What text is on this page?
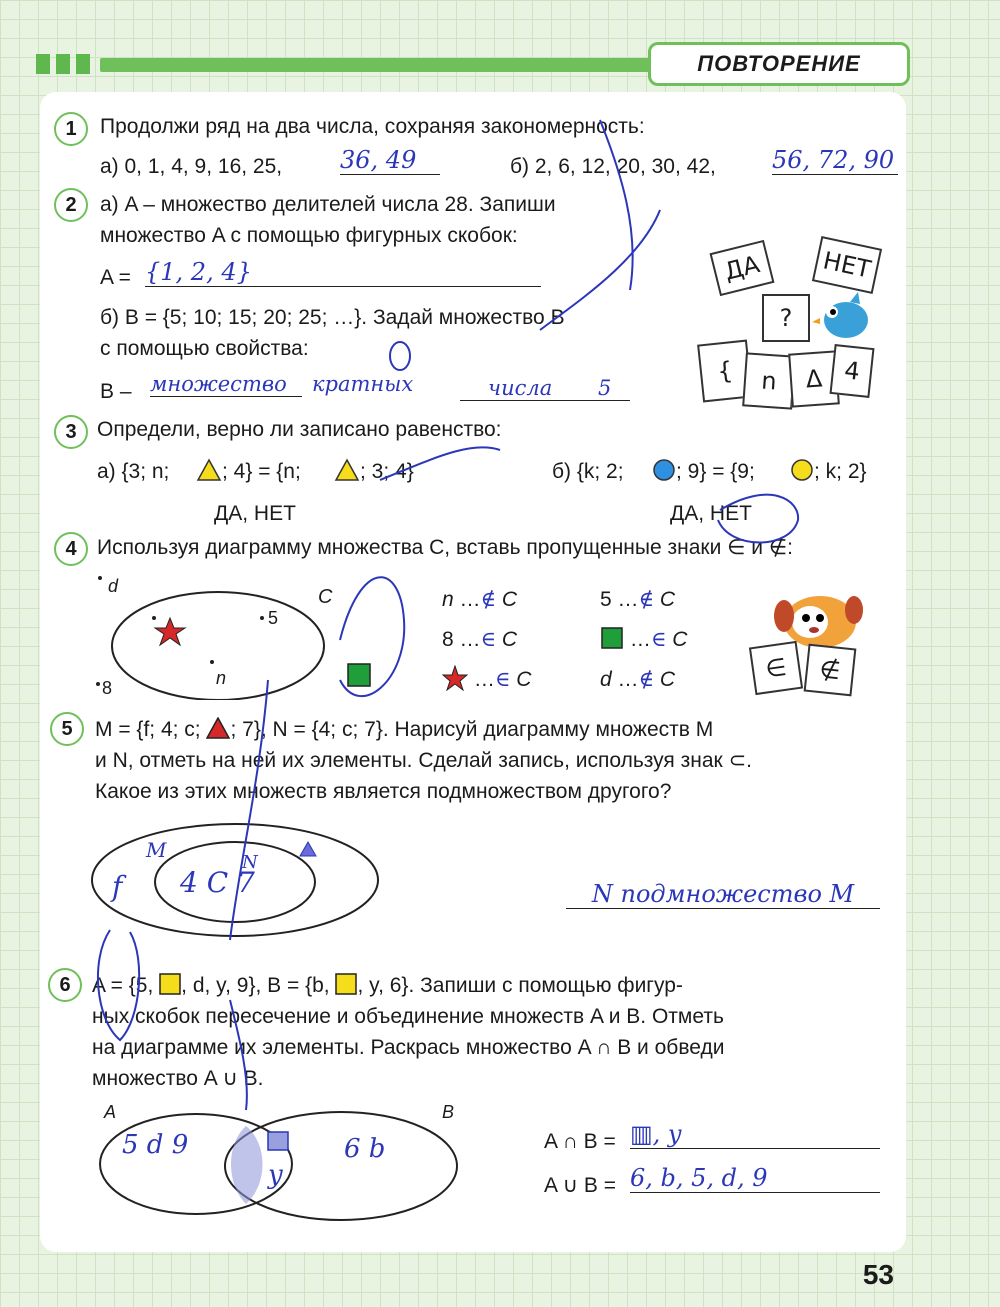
ПОВТОРЕНИЕ
1	Продолжи ряд на два числа, сохраняя закономерность:
а) 0, 1, 4, 9, 16, 25, 36, 49	б) 2, 6, 12, 20, 30, 42, 56, 72, 90
2	а) A – множество делителей числа 28. Запиши
множество A с помощью фигурных скобок:
A = {1, 2, 4}
б) B = {5; 10; 15; 20; 25; …}. Задай множество B
с помощью свойства:
B – множество	кратных	числа	5
ДА	НЕТ
?
{	n	Δ 4
3 Определи, верно ли записано равенство:
а) {3; n;	; 4} = {n;	; 3; 4}	б) {k; 2; ; 9} = {9;	; k; 2}
ДА, НЕТ	ДА, НЕТ
4 Используя диаграмму множества C, вставь пропущенные знаки ∈ и ∉:
d
5
8	n
C	n …∉ C	5 …∉ C
8 …∈ C	…∈ C
…∈ C	d …∉ C	∈	∉
5	M = {f; 4; c; ; 7}, N = {4; c; 7}. Нарисуй диаграмму множеств M
и N, отметь на ней их элементы. Сделай запись, используя знак ⊂.
Какое из этих множеств является подмножеством другого?
M
N
f 4 C 7	N подмножество M
6	A = {5, , d, y, 9}, B = {b, , y, 6}. Запиши с помощью фигур-
ных скобок пересечение и объединение множеств A и B. Отметь
на диаграмме их элементы. Раскрась множество A ∩ B и обведи
множество A ∪ B.
A	B
5 d 9
y
6 b	A ∩ B = ▥, y
A ∪ B = 6, b, 5, d, 9
53
